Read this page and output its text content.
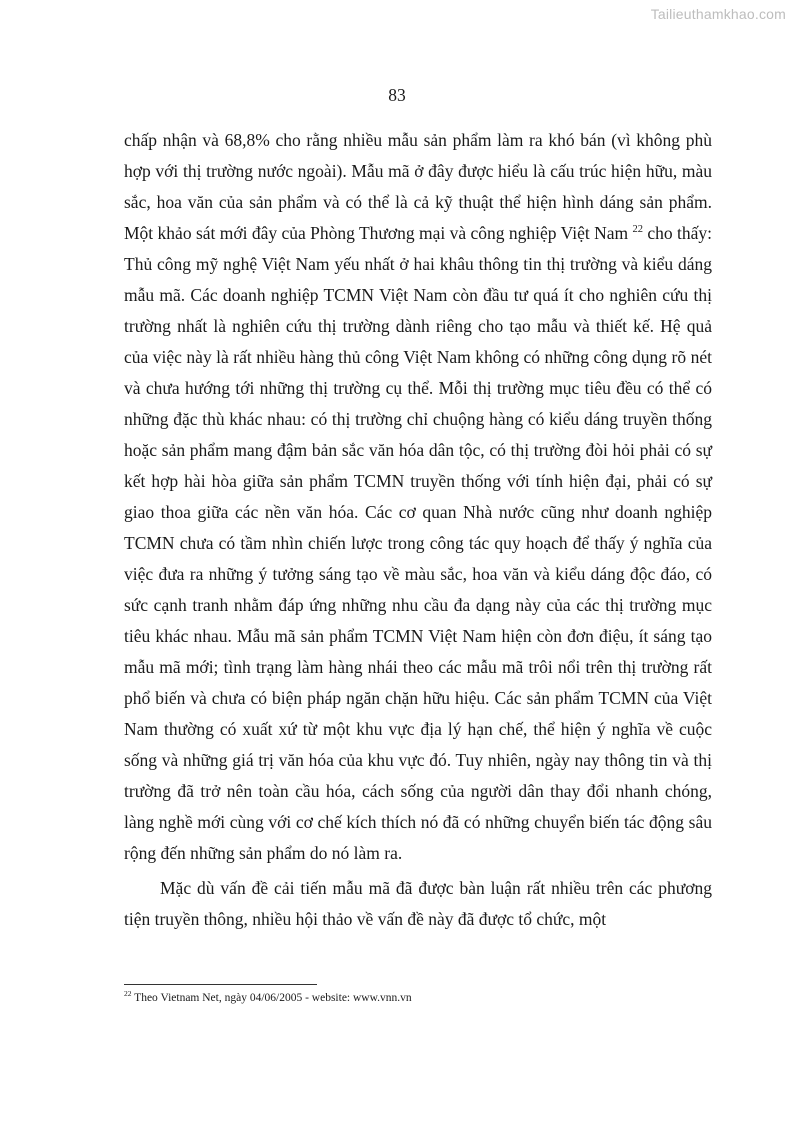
Tailieuthamkhao.com
83

chấp nhận và 68,8% cho rằng nhiều mẫu sản phẩm làm ra khó bán (vì không phù hợp với thị trường nước ngoài). Mẫu mã ở đây được hiểu là cấu trúc hiện hữu, màu sắc, hoa văn của sản phẩm và có thể là cả kỹ thuật thể hiện hình dáng sản phẩm. Một khảo sát mới đây của Phòng Thương mại và công nghiệp Việt Nam $^{22}$ cho thấy: Thủ công mỹ nghệ Việt Nam yếu nhất ở hai khâu thông tin thị trường và kiểu dáng mẫu mã. Các doanh nghiệp TCMN Việt Nam còn đầu tư quá ít cho nghiên cứu thị trường nhất là nghiên cứu thị trường dành riêng cho tạo mẫu và thiết kế. Hệ quả của việc này là rất nhiều hàng thủ công Việt Nam không có những công dụng rõ nét và chưa hướng tới những thị trường cụ thể. Mỗi thị trường mục tiêu đều có thể có những đặc thù khác nhau: có thị trường chỉ chuộng hàng có kiểu dáng truyền thống hoặc sản phẩm mang đậm bản sắc văn hóa dân tộc, có thị trường đòi hỏi phải có sự kết hợp hài hòa giữa sản phẩm TCMN truyền thống với tính hiện đại, phải có sự giao thoa giữa các nền văn hóa. Các cơ quan Nhà nước cũng như doanh nghiệp TCMN chưa có tầm nhìn chiến lược trong công tác quy hoạch để thấy ý nghĩa của việc đưa ra những ý tưởng sáng tạo về màu sắc, hoa văn và kiểu dáng độc đáo, có sức cạnh tranh nhằm đáp ứng những nhu cầu đa dạng này của các thị trường mục tiêu khác nhau. Mẫu mã sản phẩm TCMN Việt Nam hiện còn đơn điệu, ít sáng tạo mẫu mã mới; tình trạng làm hàng nhái theo các mẫu mã trôi nổi trên thị trường rất phổ biến và chưa có biện pháp ngăn chặn hữu hiệu. Các sản phẩm TCMN của Việt Nam thường có xuất xứ từ một khu vực địa lý hạn chế, thể hiện ý nghĩa về cuộc sống và những giá trị văn hóa của khu vực đó. Tuy nhiên, ngày nay thông tin và thị trường đã trở nên toàn cầu hóa, cách sống của người dân thay đổi nhanh chóng, làng nghề mới cùng với cơ chế kích thích nó đã có những chuyển biến tác động sâu rộng đến những sản phẩm do nó làm ra.

Mặc dù vấn đề cải tiến mẫu mã đã được bàn luận rất nhiều trên các phương tiện truyền thông, nhiều hội thảo về vấn đề này đã được tổ chức, một

$^{22}$ Theo Vietnam Net, ngày 04/06/2005 - website: www.vnn.vn
